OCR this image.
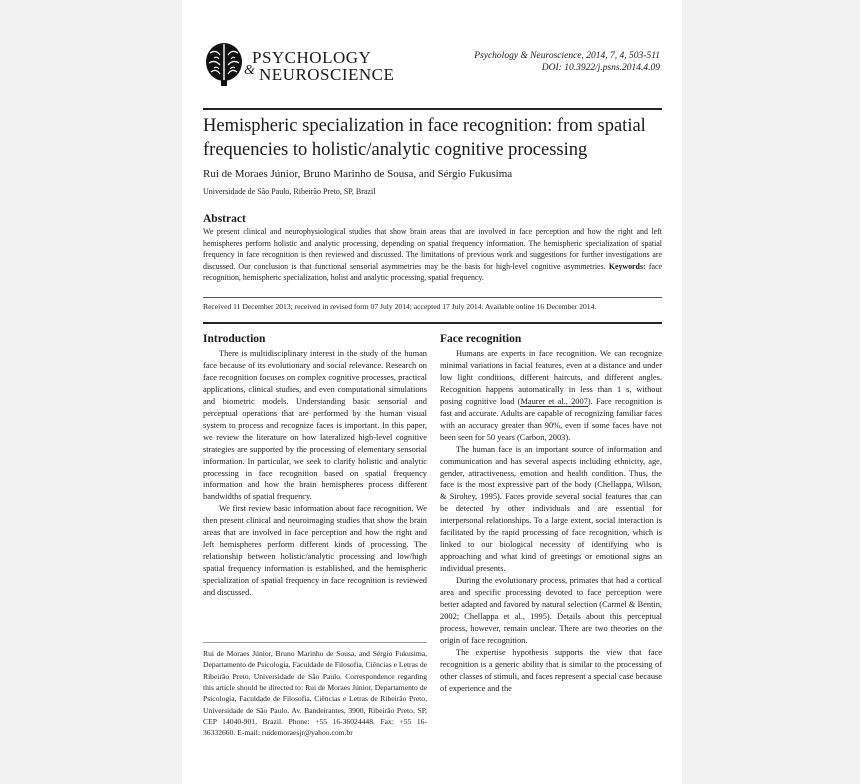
PSYCHOLOGY
& NEUROSCIENCE
Psychology & Neuroscience, 2014, 7, 4, 503-511
DOI: 10.3922/j.psns.2014.4.09
Hemispheric specialization in face recognition: from spatial frequencies to holistic/analytic cognitive processing
Rui de Moraes Júnior, Bruno Marinho de Sousa, and Sérgio Fukusima
Universidade de São Paulo, Ribeirão Preto, SP, Brazil
Abstract
We present clinical and neurophysiological studies that show brain areas that are involved in face perception and how the right and left hemispheres perform holistic and analytic processing, depending on spatial frequency information. The hemispheric specialization of spatial frequency in face recognition is then reviewed and discussed. The limitations of previous work and suggestions for further investigations are discussed. Our conclusion is that functional sensorial asymmetries may be the basis for high-level cognitive asymmetries. Keywords: face recognition, hemispheric specialization, holist and analytic processing, spatial frequency.
Received 11 December 2013; received in revised form 07 July 2014; accepted 17 July 2014. Available online 16 December 2014.
Introduction

There is multidisciplinary interest in the study of the human face because of its evolutionary and social relevance. Research on face recognition focuses on complex cognitive processes, practical applications, clinical studies, and even computational simulations and biometric models. Understanding basic sensorial and perceptual operations that are performed by the human visual system to process and recognize faces is important. In this paper, we review the literature on how lateralized high-level cognitive strategies are supported by the processing of elementary sensorial information. In particular, we seek to clarify holistic and analytic processing in face recognition based on spatial frequency information and how the brain hemispheres process different bandwidths of spatial frequency.

We first review basic information about face recognition. We then present clinical and neuroimaging studies that show the brain areas that are involved in face perception and how the right and left hemispheres perform different kinds of processing. The relationship between holistic/analytic processing and low/high spatial frequency information is established, and the hemispheric specialization of spatial frequency in face recognition is reviewed and discussed.

Rui de Moraes Júnior, Bruno Marinho de Sousa, and Sérgio Fukusima, Departamento de Psicologia, Faculdade de Filosofia, Ciências e Letras de Ribeirão Preto, Universidade de São Paulo. Correspondence regarding this article should be directed to: Rui de Moraes Júnior, Departamento de Psicologia, Faculdade de Filosofia, Ciências e Letras de Ribeirão Preto, Universidade de São Paulo, Av. Bandeirantes, 3900, Ribeirão Preto, SP, CEP 14040-901, Brazil. Phone: +55 16-36024448. Fax: +55 16-36332660. E-mail: ruidemoraesjr@yahoo.com.br
Face recognition

Humans are experts in face recognition. We can recognize minimal variations in facial features, even at a distance and under low light conditions, different haircuts, and different angles. Recognition happens automatically in less than 1 s, without posing cognitive load (Maurer et al., 2007). Face recognition is fast and accurate. Adults are capable of recognizing familiar faces with an accuracy greater than 90%, even if some faces have not been seen for 50 years (Carbon, 2003).

The human face is an important source of information and communication and has several aspects including ethnicity, age, gender, attractiveness, emotion and health condition. Thus, the face is the most expressive part of the body (Chellappa, Wilson, & Sirohey, 1995). Faces provide several social features that can be detected by other individuals and are essential for interpersonal relationships. To a large extent, social interaction is facilitated by the rapid processing of face recognition, which is linked to our biological necessity of identifying who is approaching and what kind of greetings or emotional signs an individual presents.

During the evolutionary process, primates that had a cortical area and specific processing devoted to face perception were better adapted and favored by natural selection (Carmel & Bentin, 2002; Chellappa et al., 1995). Details about this perceptual process, however, remain unclear. There are two theories on the origin of face recognition.

The expertise hypothesis supports the view that face recognition is a generic ability that is similar to the processing of other classes of stimuli, and faces represent a special case because of experience and the
